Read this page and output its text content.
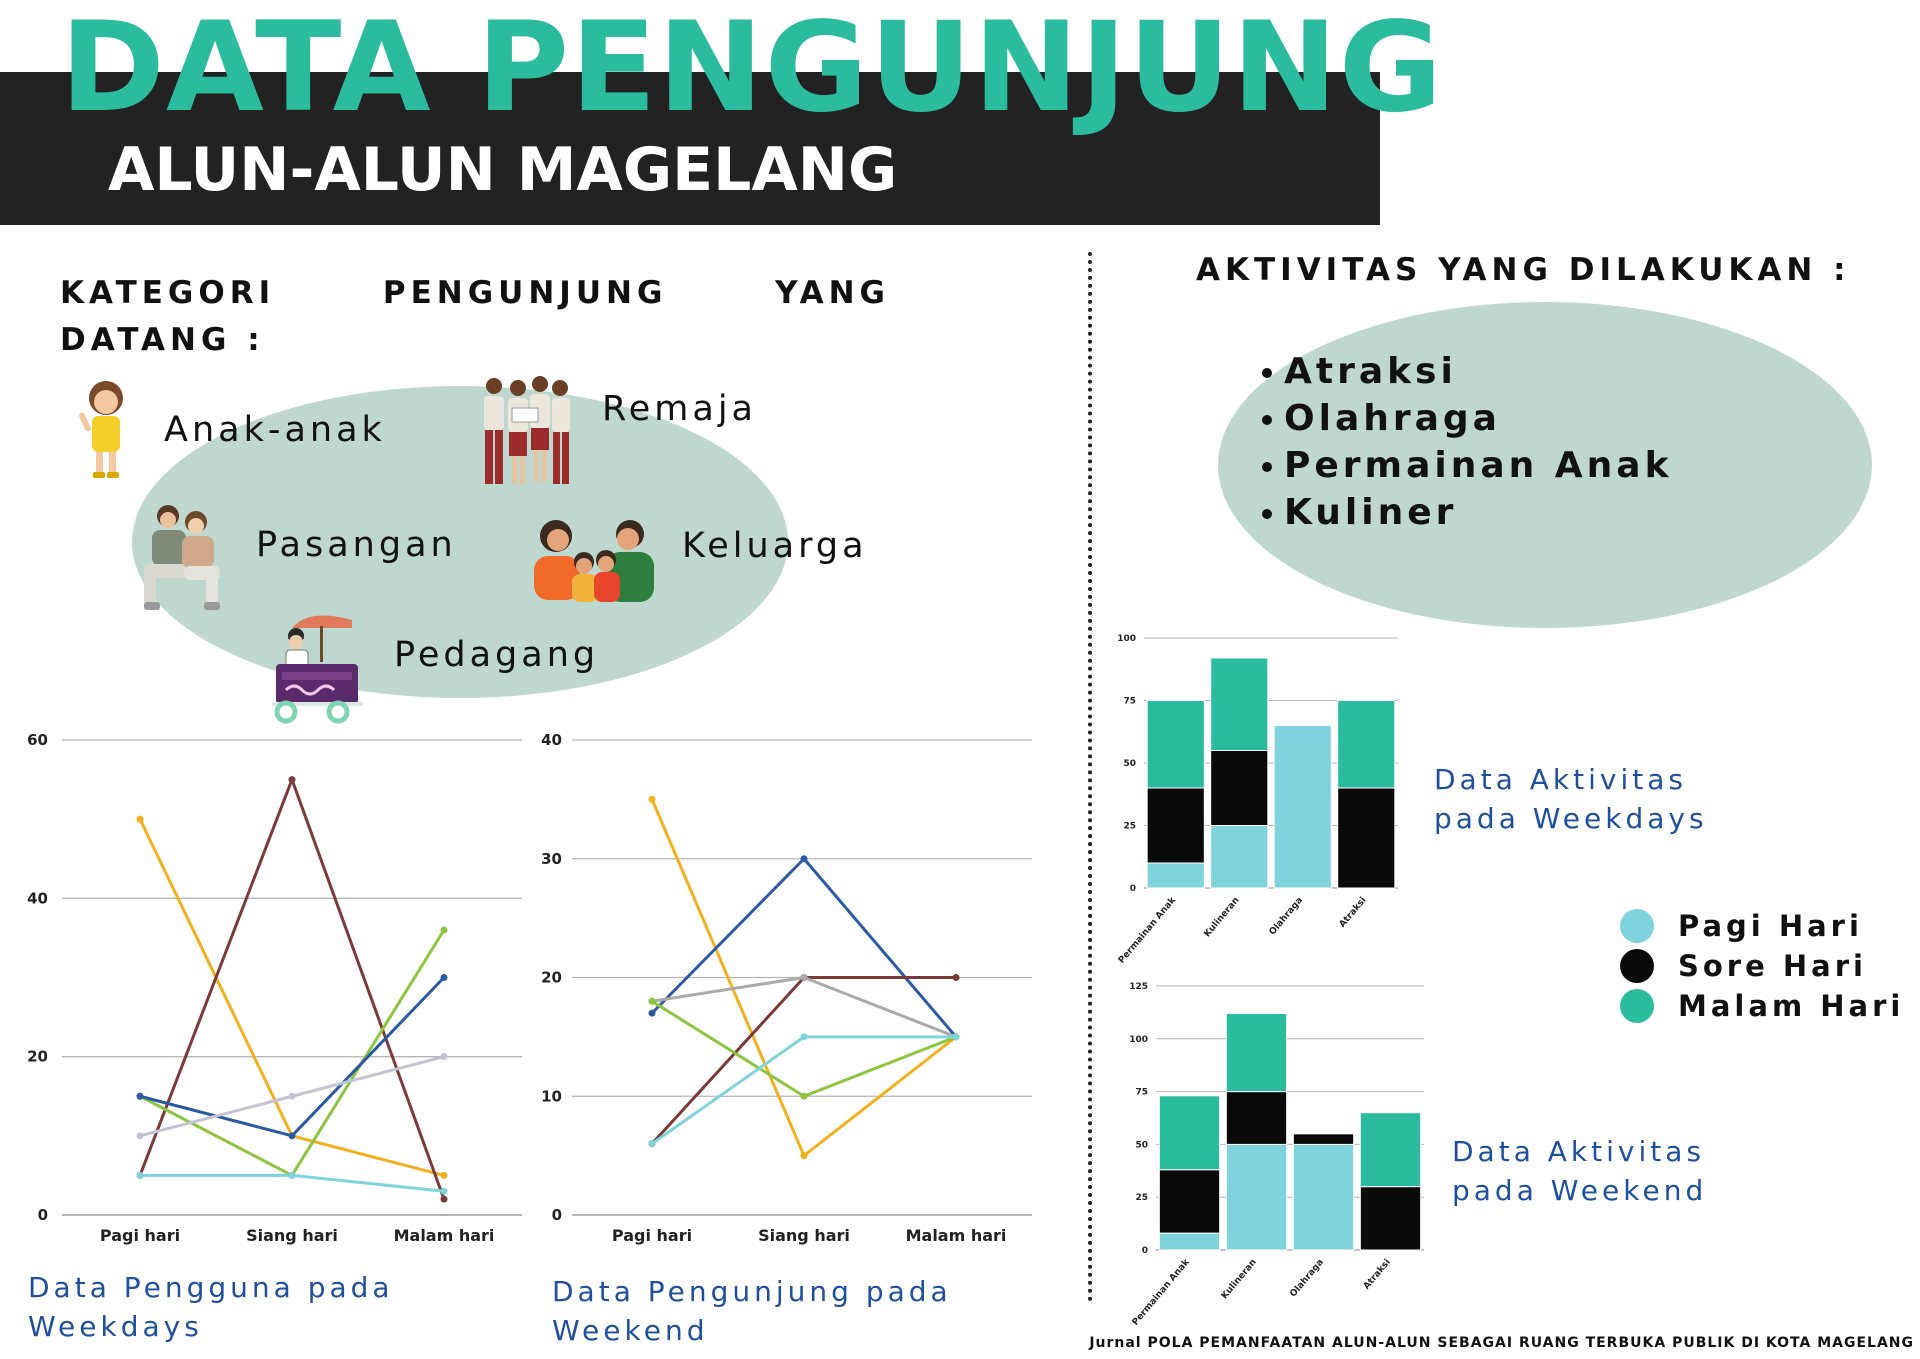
DATA PENGUNJUNG
ALUN-ALUN MAGELANG
KATEGORI PENGUNJUNG YANG DATANG :
Anak-anak
Remaja
Pasangan	Keluarga
Pedagang
AKTIVITAS YANG DILAKUKAN :
Atraksi
Olahraga
Permainan Anak
Kuliner
0
20
40
60
Pagi hari	Siang hari	Malam hari
0
10
20
30
40
Pagi hari	Siang hari	Malam hari
0
25
50
75
100
Permainan Anak	Kulineran	Olahraga	Atraksi
0
25
50
75
100
125
Permainan Anak	Kulineran	Olahraga	Atraksi

Data Pengguna pada Weekdays

Data Pengunjung pada Weekend

Data Aktivitas pada Weekdays

Data Aktivitas pada Weekend

Pagi Hari
Sore Hari
Malam Hari

Jurnal POLA PEMANFAATAN ALUN-ALUN SEBAGAI RUANG TERBUKA PUBLIK DI KOTA MAGELANG
